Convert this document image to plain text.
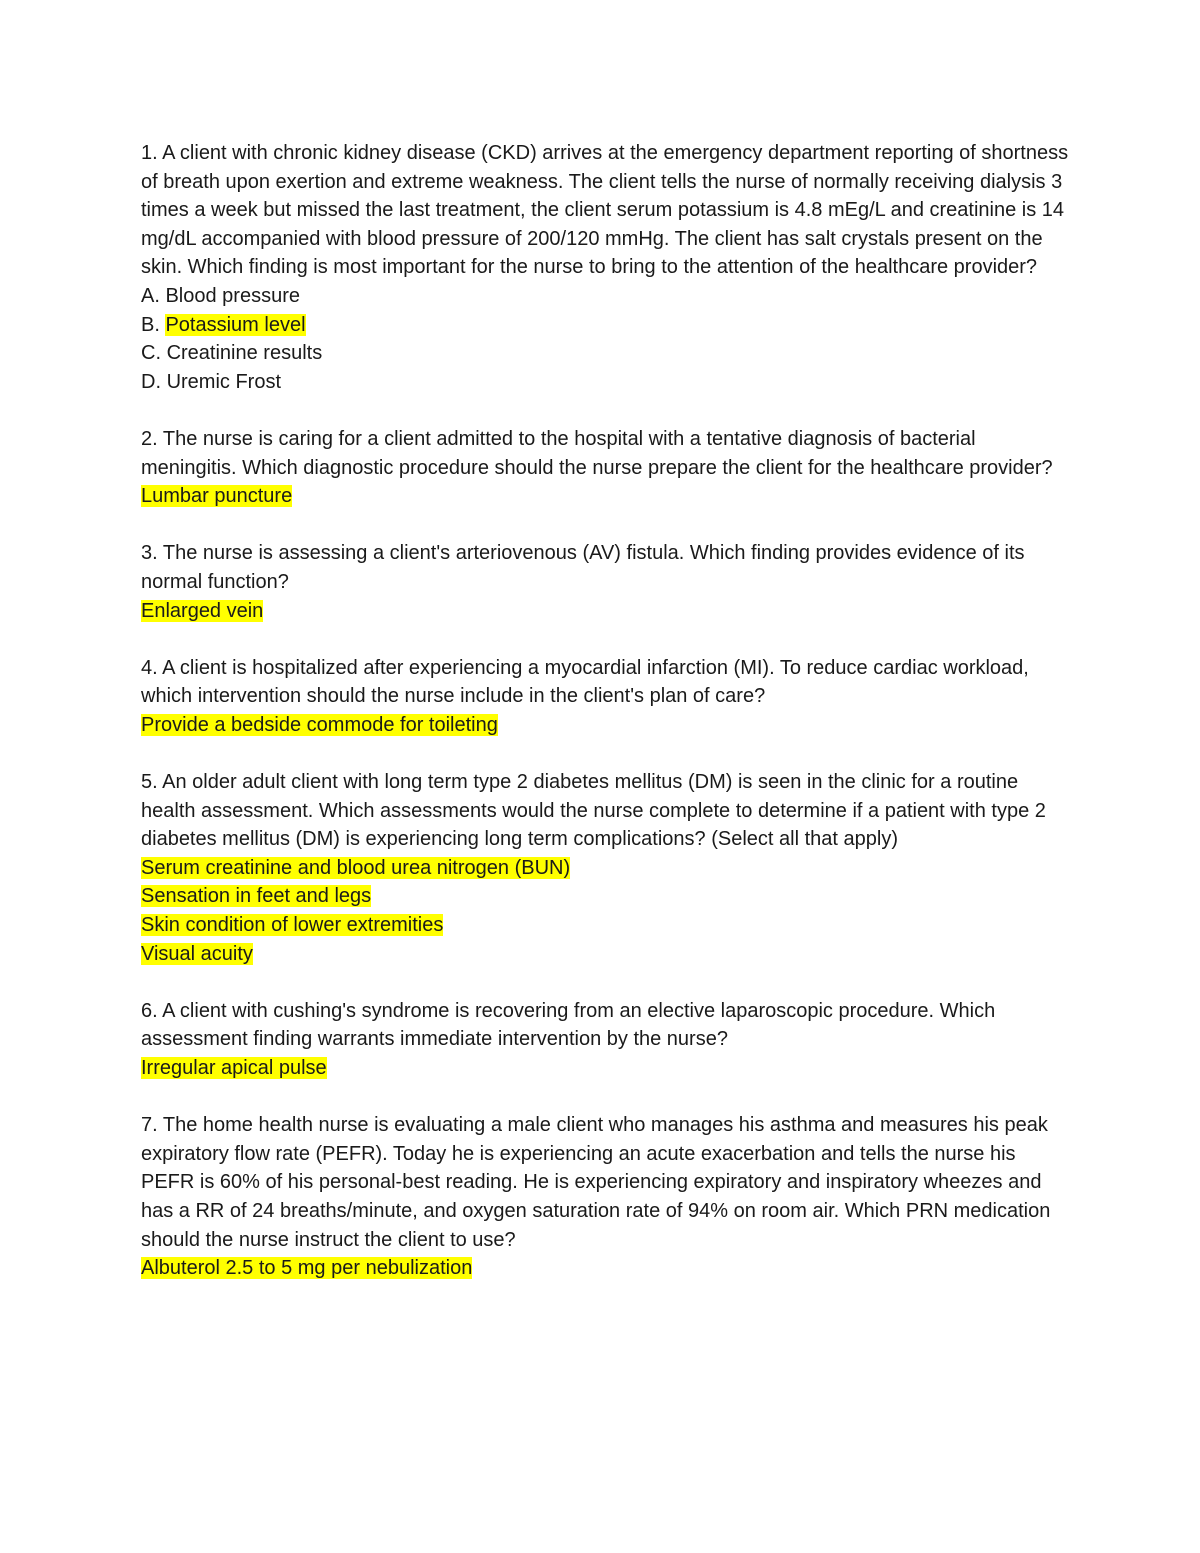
1. A client with chronic kidney disease (CKD) arrives at the emergency department reporting of shortness of breath upon exertion and extreme weakness. The client tells the nurse of normally receiving dialysis 3 times a week but missed the last treatment, the client serum potassium is 4.8 mEg/L and creatinine is 14 mg/dL accompanied with blood pressure of 200/120 mmHg. The client has salt crystals present on the skin. Which finding is most important for the nurse to bring to the attention of the healthcare provider?

A. Blood pressure
B. Potassium level
C. Creatinine results
D. Uremic Frost

2. The nurse is caring for a client admitted to the hospital with a tentative diagnosis of bacterial meningitis. Which diagnostic procedure should the nurse prepare the client for the healthcare provider?

Lumbar puncture

3. The nurse is assessing a client's arteriovenous (AV) fistula. Which finding provides evidence of its normal function?

Enlarged vein

4. A client is hospitalized after experiencing a myocardial infarction (MI). To reduce cardiac workload, which intervention should the nurse include in the client's plan of care?

Provide a bedside commode for toileting

5. An older adult client with long term type 2 diabetes mellitus (DM) is seen in the clinic for a routine health assessment. Which assessments would the nurse complete to determine if a patient with type 2 diabetes mellitus (DM) is experiencing long term complications? (Select all that apply)

Serum creatinine and blood urea nitrogen (BUN)
Sensation in feet and legs
Skin condition of lower extremities
Visual acuity

6. A client with cushing's syndrome is recovering from an elective laparoscopic procedure. Which assessment finding warrants immediate intervention by the nurse?

Irregular apical pulse

7. The home health nurse is evaluating a male client who manages his asthma and measures his peak expiratory flow rate (PEFR). Today he is experiencing an acute exacerbation and tells the nurse his PEFR is 60% of his personal-best reading. He is experiencing expiratory and inspiratory wheezes and has a RR of 24 breaths/minute, and oxygen saturation rate of 94% on room air. Which PRN medication should the nurse instruct the client to use?

Albuterol 2.5 to 5 mg per nebulization
